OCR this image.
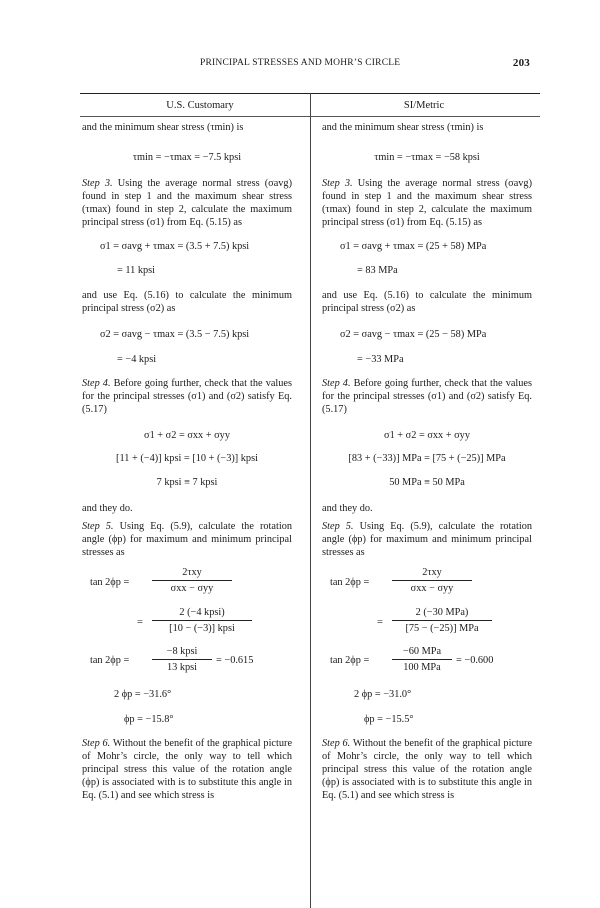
PRINCIPAL STRESSES AND MOHR’S CIRCLE	203
U.S. Customary	SI/Metric

and the minimum shear stress (τmin) is

τmin = −τmax = −7.5 kpsi

Step 3. Using the average normal stress (σavg) found in step 1 and the maximum shear stress (τmax) found in step 2, calculate the maximum principal stress (σ1) from Eq. (5.15) as

σ1 = σavg + τmax = (3.5 + 7.5) kpsi
= 11 kpsi

and use Eq. (5.16) to calculate the minimum principal stress (σ2) as

σ2 = σavg − τmax = (3.5 − 7.5) kpsi
= −4 kpsi

Step 4. Before going further, check that the values for the principal stresses (σ1) and (σ2) satisfy Eq. (5.17)

σ1 + σ2 = σxx + σyy
[11 + (−4)] kpsi = [10 + (−3)] kpsi
7 kpsi ≡ 7 kpsi

and they do.

Step 5. Using Eq. (5.9), calculate the rotation angle (ϕp) for maximum and minimum principal stresses as

tan 2ϕp =
2τxy
σxx − σyy
=
2 (−4 kpsi)
[10 − (−3)] kpsi
tan 2ϕp =
−8 kpsi
13 kpsi
= −0.615
2 ϕp = −31.6°
ϕp = −15.8°

Step 6. Without the benefit of the graphical picture of Mohr’s circle, the only way to tell which principal stress this value of the rotation angle (ϕp) is associated with is to substitute this angle in Eq. (5.1) and see which stress is

and the minimum shear stress (τmin) is

τmin = −τmax = −58 kpsi

Step 3. Using the average normal stress (σavg) found in step 1 and the maximum shear stress (τmax) found in step 2, calculate the maximum principal stress (σ1) from Eq. (5.15) as

σ1 = σavg + τmax = (25 + 58) MPa
= 83 MPa

and use Eq. (5.16) to calculate the minimum principal stress (σ2) as

σ2 = σavg − τmax = (25 − 58) MPa
= −33 MPa

Step 4. Before going further, check that the values for the principal stresses (σ1) and (σ2) satisfy Eq. (5.17)

σ1 + σ2 = σxx + σyy
[83 + (−33)] MPa = [75 + (−25)] MPa
50 MPa ≡ 50 MPa

and they do.

Step 5. Using Eq. (5.9), calculate the rotation angle (ϕp) for maximum and minimum principal stresses as

tan 2ϕp =
2τxy
σxx − σyy
=
2 (−30 MPa)
[75 − (−25)] MPa
tan 2ϕp =
−60 MPa
100 MPa
= −0.600
2 ϕp = −31.0°
ϕp = −15.5°

Step 6. Without the benefit of the graphical picture of Mohr’s circle, the only way to tell which principal stress this value of the rotation angle (ϕp) is associated with is to substitute this angle in Eq. (5.1) and see which stress is
